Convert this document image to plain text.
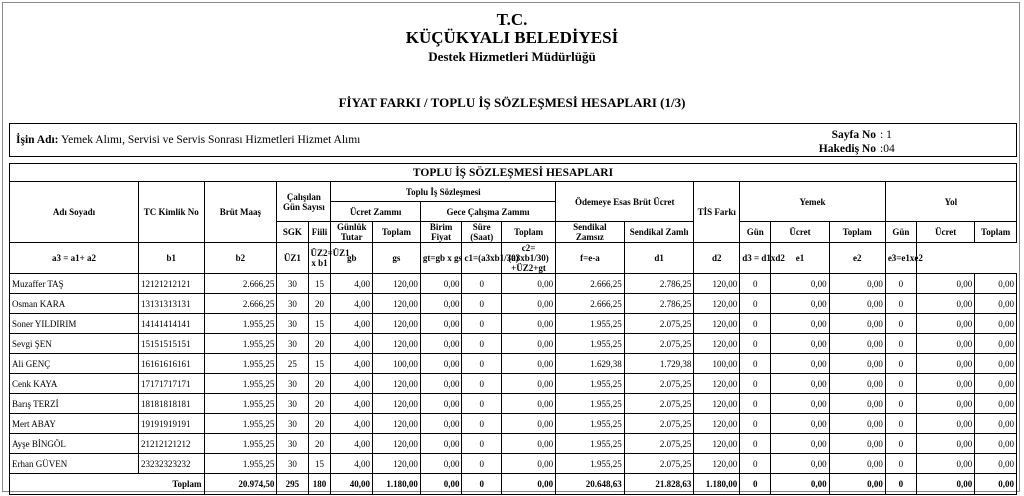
T.C.
KÜÇÜKYALI BELEDİYESİ
Destek Hizmetleri Müdürlüğü
FİYAT FARKI / TOPLU İŞ SÖZLEŞMESİ HESAPLARI (1/3)
İşin Adı: Yemek Alımı, Servisi ve Servis Sonrası Hizmetleri Hizmet Alımı	Sayfa No : 1
Hakediş No :04
TOPLU İŞ SÖZLEŞMESİ HESAPLARI																		
Adı Soyadı	TC Kimlik No	Brüt Maaş	Çalışılan Gün Sayısı		Toplu İş Sözleşmesi					Ödemeye Esas Brüt Ücret		TİS Farkı	Yemek			Yol		
					Ücret Zammı		Gece Çalışma Zammı											
			SGK	Fiili	Günlük Tutar	Toplam	Birim Fiyat	Süre (Saat)	Toplam	Sendikal Zamsız	Sendikal Zamlı		Gün	Ücret	Toplam	Gün	Ücret	Toplam
a3 = a1+ a2	b1	b2	ÜZ1	ÜZ2=ÜZ1 x b1	gb	gs	gt=gb x gs	c1=(a3xb1/30)	c2=(a3xb1/30) +ÜZ2+gt	f=e-a	d1	d2	d3 = d1xd2	e1	e2	e3=e1xe2		
Muzaffer TAŞ	12121212121	2.666,25	30	15	4,00	120,00	0,00	0	0,00	2.666,25	2.786,25	120,00	0	0,00	0,00	0	0,00	0,00
Osman KARA	13131313131	2.666,25	30	20	4,00	120,00	0,00	0	0,00	2.666,25	2.786,25	120,00	0	0,00	0,00	0	0,00	0,00
Soner YILDIRIM	14141414141	1.955,25	30	15	4,00	120,00	0,00	0	0,00	1.955,25	2.075,25	120,00	0	0,00	0,00	0	0,00	0,00
Sevgi ŞEN	15151515151	1.955,25	30	20	4,00	120,00	0,00	0	0,00	1.955,25	2.075,25	120,00	0	0,00	0,00	0	0,00	0,00
Ali GENÇ	16161616161	1.955,25	25	15	4,00	100,00	0,00	0	0,00	1.629,38	1.729,38	100,00	0	0,00	0,00	0	0,00	0,00
Cenk KAYA	17171717171	1.955,25	30	20	4,00	120,00	0,00	0	0,00	1.955,25	2.075,25	120,00	0	0,00	0,00	0	0,00	0,00
Barış TERZİ	18181818181	1.955,25	30	20	4,00	120,00	0,00	0	0,00	1.955,25	2.075,25	120,00	0	0,00	0,00	0	0,00	0,00
Mert ABAY	19191919191	1.955,25	30	20	4,00	120,00	0,00	0	0,00	1.955,25	2.075,25	120,00	0	0,00	0,00	0	0,00	0,00
Ayşe BİNGÖL	21212121212	1.955,25	30	20	4,00	120,00	0,00	0	0,00	1.955,25	2.075,25	120,00	0	0,00	0,00	0	0,00	0,00
Erhan GÜVEN	23232323232	1.955,25	30	15	4,00	120,00	0,00	0	0,00	1.955,25	2.075,25	120,00	0	0,00	0,00	0	0,00	0,00
Toplam		20.974,50	295	180	40,00	1.180,00	0,00	0	0,00	20.648,63	21.828,63	1.180,00	0	0,00	0,00	0	0,00	0,00
